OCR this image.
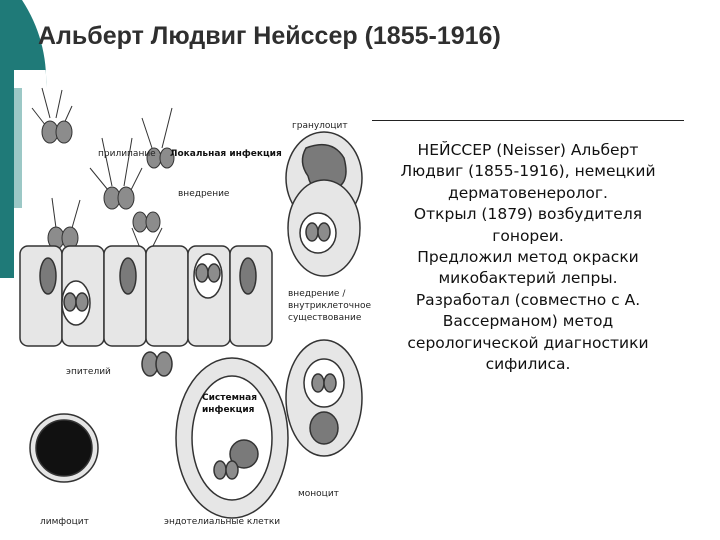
Альберт Людвиг Нейссер (1855-1916)
НЕЙССЕР (Neisser) Альберт
Людвиг (1855-1916), немецкий
дерматовенеролог.
Открыл (1879) возбудителя
гонореи.
Предложил метод окраски
микобактерий лепры.
Разработал (совместно с А.
Вассерманом) метод
серологической диагностики
сифилиса.
гранулоцит
прилипание Локальная инфекция
внедрение
внедрение /
внутриклеточное
существование
эпителий
Системная
инфекция
моноцит
лимфоцит	эндотелиальные клетки
